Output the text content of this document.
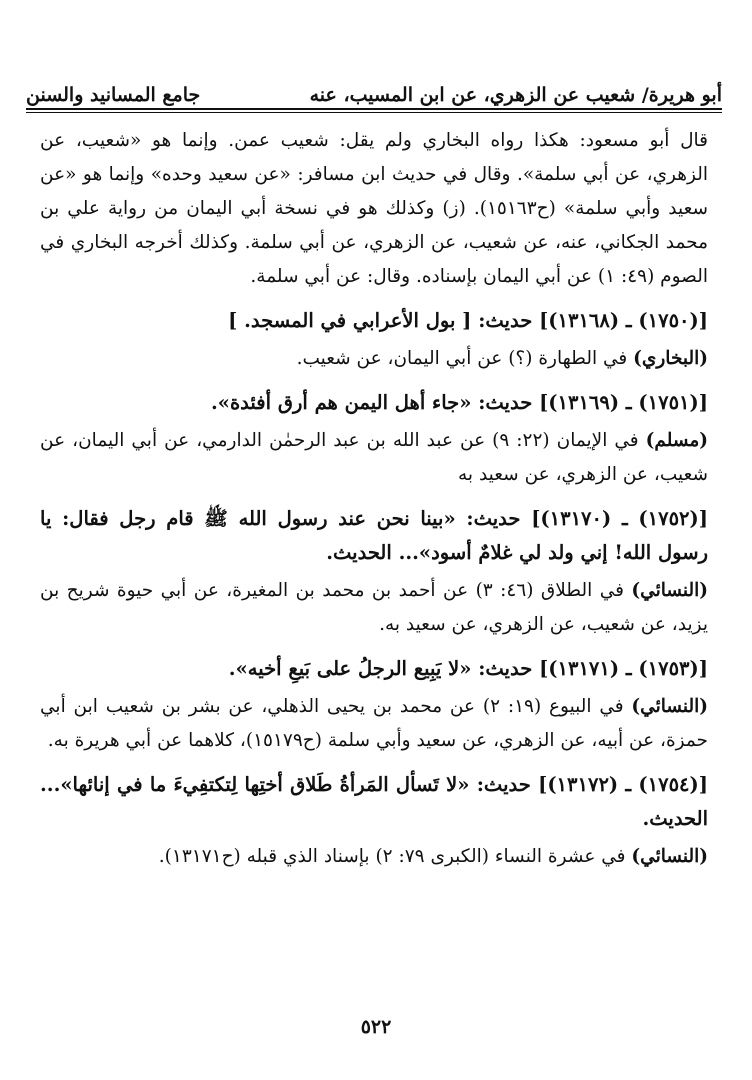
أبو هريرة/ شعيب عن الزهري، عن ابن المسيب، عنه
جامع المسانيد والسنن

قال أبو مسعود: هكذا رواه البخاري ولم يقل: شعيب عمن. وإنما هو «شعيب، عن الزهري، عن أبي سلمة». وقال في حديث ابن مسافر: «عن سعيد وحده» وإنما هو «عن سعيد وأبي سلمة» (ح١٥١٦٣). (ز) وكذلك هو في نسخة أبي اليمان من رواية علي بن محمد الجكاني، عنه، عن شعيب، عن الزهري، عن أبي سلمة. وكذلك أخرجه البخاري في الصوم (٤٩: ١) عن أبي اليمان بإسناده. وقال: عن أبي سلمة.

[(١٧٥٠) ـ (١٣١٦٨)] حديث: [ بول الأعرابي في المسجد. ]

(البخاري) في الطهارة (؟) عن أبي اليمان، عن شعيب.

[(١٧٥١) ـ (١٣١٦٩)] حديث: «جاء أهل اليمن هم أرق أفئدة».

(مسلم) في الإيمان (٢٢: ٩) عن عبد الله بن عبد الرحمٰن الدارمي، عن أبي اليمان، عن شعيب، عن الزهري، عن سعيد به

[(١٧٥٢) ـ (١٣١٧٠)] حديث: «بينا نحن عند رسول الله ﷺ قام رجل فقال: يا رسول الله! إني ولد لي غلامٌ أسود»... الحديث.

(النسائي) في الطلاق (٤٦: ٣) عن أحمد بن محمد بن المغيرة، عن أبي حيوة شريح بن يزيد، عن شعيب، عن الزهري، عن سعيد به.

[(١٧٥٣) ـ (١٣١٧١)] حديث: «لا يَبِيع الرجلُ على بَيعِ أخيه».

(النسائي) في البيوع (١٩: ٢) عن محمد بن يحيى الذهلي، عن بشر بن شعيب ابن أبي حمزة، عن أبيه، عن الزهري، عن سعيد وأبي سلمة (ح١٥١٧٩)، كلاهما عن أبي هريرة به.

[(١٧٥٤) ـ (١٣١٧٢)] حديث: «لا تَسأل المَرأةُ طَلاق أختِها لِتكتفِيءَ ما في إنائها»... الحديث.

(النسائي) في عشرة النساء (الكبرى ٧٩: ٢) بإسناد الذي قبله (ح١٣١٧١).

٥٢٢
